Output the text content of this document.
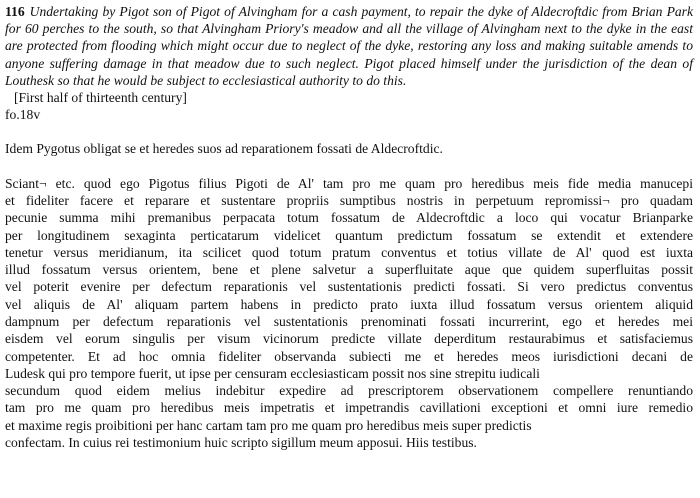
116 Undertaking by Pigot son of Pigot of Alvingham for a cash payment, to repair the dyke of Aldecroftdic from Brian Park for 60 perches to the south, so that Alvingham Priory's meadow and all the village of Alvingham next to the dyke in the east are protected from flooding which might occur due to neglect of the dyke, restoring any loss and making suitable amends to anyone suffering damage in that meadow due to such neglect. Pigot placed himself under the jurisdiction of the dean of Louthesk so that he would be subject to ecclesiastical authority to do this.

[First half of thirteenth century]

fo.18v

Idem Pygotus obligat se et heredes suos ad reparationem fossati de Aldecroftdic.

Sciant¬ etc. quod ego Pigotus filius Pigoti de Al' tam pro me quam pro heredibus meis fide media manucepi
et fideliter facere et reparare et sustentare propriis sumptibus nostris in perpetuum repromissi¬ pro quadam
pecunie summa mihi premanibus perpacata totum fossatum de Aldecroftdic a loco qui vocatur Brianparke
per longitudinem sexaginta perticatarum videlicet quantum predictum fossatum se extendit et extendere
tenetur versus meridianum, ita scilicet quod totum pratum conventus et totius villate de Al' quod est iuxta
illud fossatum versus orientem, bene et plene salvetur a superfluitate aque que quidem superfluitas possit
vel poterit evenire per defectum reparationis vel sustentationis predicti fossati. Si vero predictus conventus
vel aliquis de Al' aliquam partem habens in predicto prato iuxta illud fossatum versus orientem aliquid
dampnum per defectum reparationis vel sustentationis prenominati fossati incurrerint, ego et heredes mei
eisdem vel eorum singulis per visum vicinorum predicte villate deperditum restaurabimus et satisfaciemus
competenter. Et ad hoc omnia fideliter observanda subiecti me et heredes meos iurisdictioni decani de
Ludesk qui pro tempore fuerit, ut ipse per censuram ecclesiasticam possit nos sine strepitu iudicali
secundum quod eidem melius indebitur expedire ad prescriptorem observationem compellere renuntiando
tam pro me quam pro heredibus meis impetratis et impetrandis cavillationi exceptioni et omni iure remedio
et maxime regis proibitioni per hanc cartam tam pro me quam pro heredibus meis super predictis
confectam. In cuius rei testimonium huic scripto sigillum meum apposui. Hiis testibus.
